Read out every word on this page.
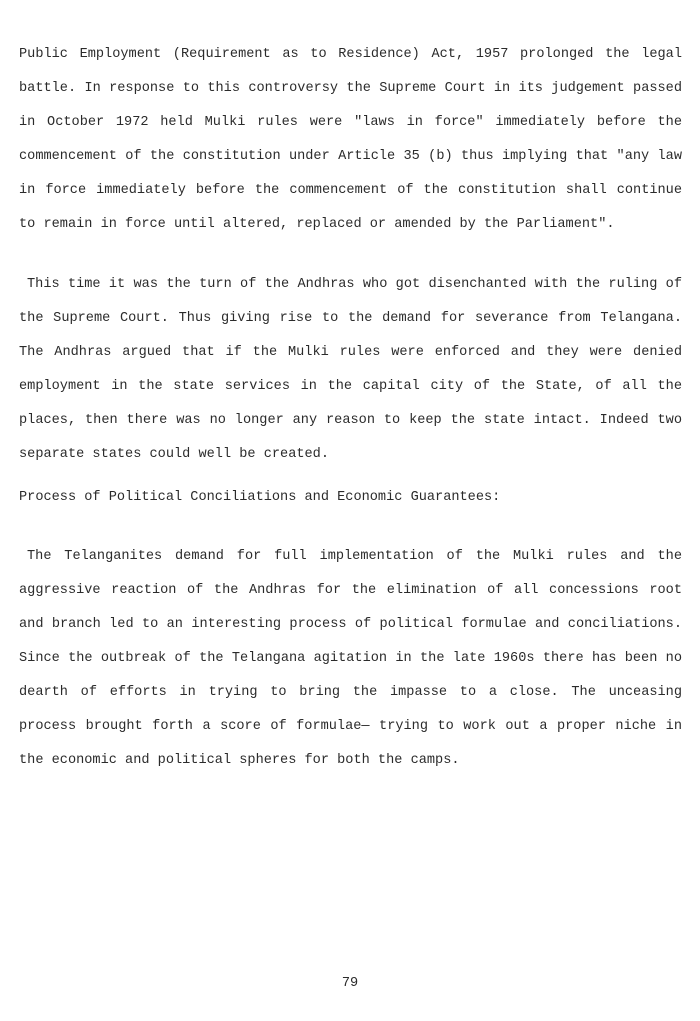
Public Employment (Requirement as to Residence) Act, 1957 prolonged the legal battle. In response to this controversy the Supreme Court in its judgement passed in October 1972 held Mulki rules were "laws in force" immediately before the commencement of the constitution under Article 35 (b) thus implying that "any law in force immediately before the commencement of the constitution shall continue to remain in force until altered, replaced or amended by the Parliament".

This time it was the turn of the Andhras who got disenchanted with the ruling of the Supreme Court. Thus giving rise to the demand for severance from Telangana. The Andhras argued that if the Mulki rules were enforced and they were denied employment in the state services in the capital city of the State, of all the places, then there was no longer any reason to keep the state intact. Indeed two separate states could well be created.

Process of Political Conciliations and Economic Guarantees:

The Telanganites demand for full implementation of the Mulki rules and the aggressive reaction of the Andhras for the elimination of all concessions root and branch led to an interesting process of political formulae and conciliations. Since the outbreak of the Telangana agitation in the late 1960s there has been no dearth of efforts in trying to bring the impasse to a close. The unceasing process brought forth a score of formulae— trying to work out a proper niche in the economic and political spheres for both the camps.

79
